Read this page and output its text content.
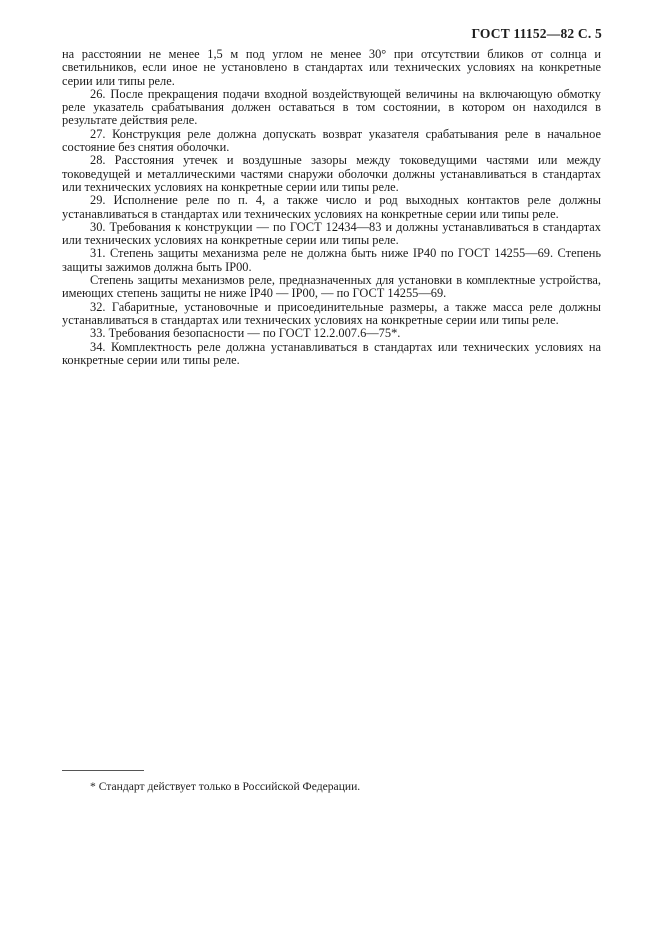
ГОСТ 11152—82 С. 5

на расстоянии не менее 1,5 м под углом не менее 30° при отсутствии бликов от солнца и светильников, если иное не установлено в стандартах или технических условиях на конкретные серии или типы реле.

26. После прекращения подачи входной воздействующей величины на включающую обмотку реле указатель срабатывания должен оставаться в том состоянии, в котором он находился в результате действия реле.

27. Конструкция реле должна допускать возврат указателя срабатывания реле в начальное состояние без снятия оболочки.

28. Расстояния утечек и воздушные зазоры между токоведущими частями или между токоведущей и металлическими частями снаружи оболочки должны устанавливаться в стандартах или технических условиях на конкретные серии или типы реле.

29. Исполнение реле по п. 4, а также число и род выходных контактов реле должны устанавливаться в стандартах или технических условиях на конкретные серии или типы реле.

30. Требования к конструкции — по ГОСТ 12434—83 и должны устанавливаться в стандартах или технических условиях на конкретные серии или типы реле.

31. Степень защиты механизма реле не должна быть ниже IP40 по ГОСТ 14255—69. Степень защиты зажимов должна быть IP00.

Степень защиты механизмов реле, предназначенных для установки в комплектные устройства, имеющих степень защиты не ниже IP40 — IP00, — по ГОСТ 14255—69.

32. Габаритные, установочные и присоединительные размеры, а также масса реле должны устанавливаться в стандартах или технических условиях на конкретные серии или типы реле.

33. Требования безопасности — по ГОСТ 12.2.007.6—75*.

34. Комплектность реле должна устанавливаться в стандартах или технических условиях на конкретные серии или типы реле.

* Стандарт действует только в Российской Федерации.
